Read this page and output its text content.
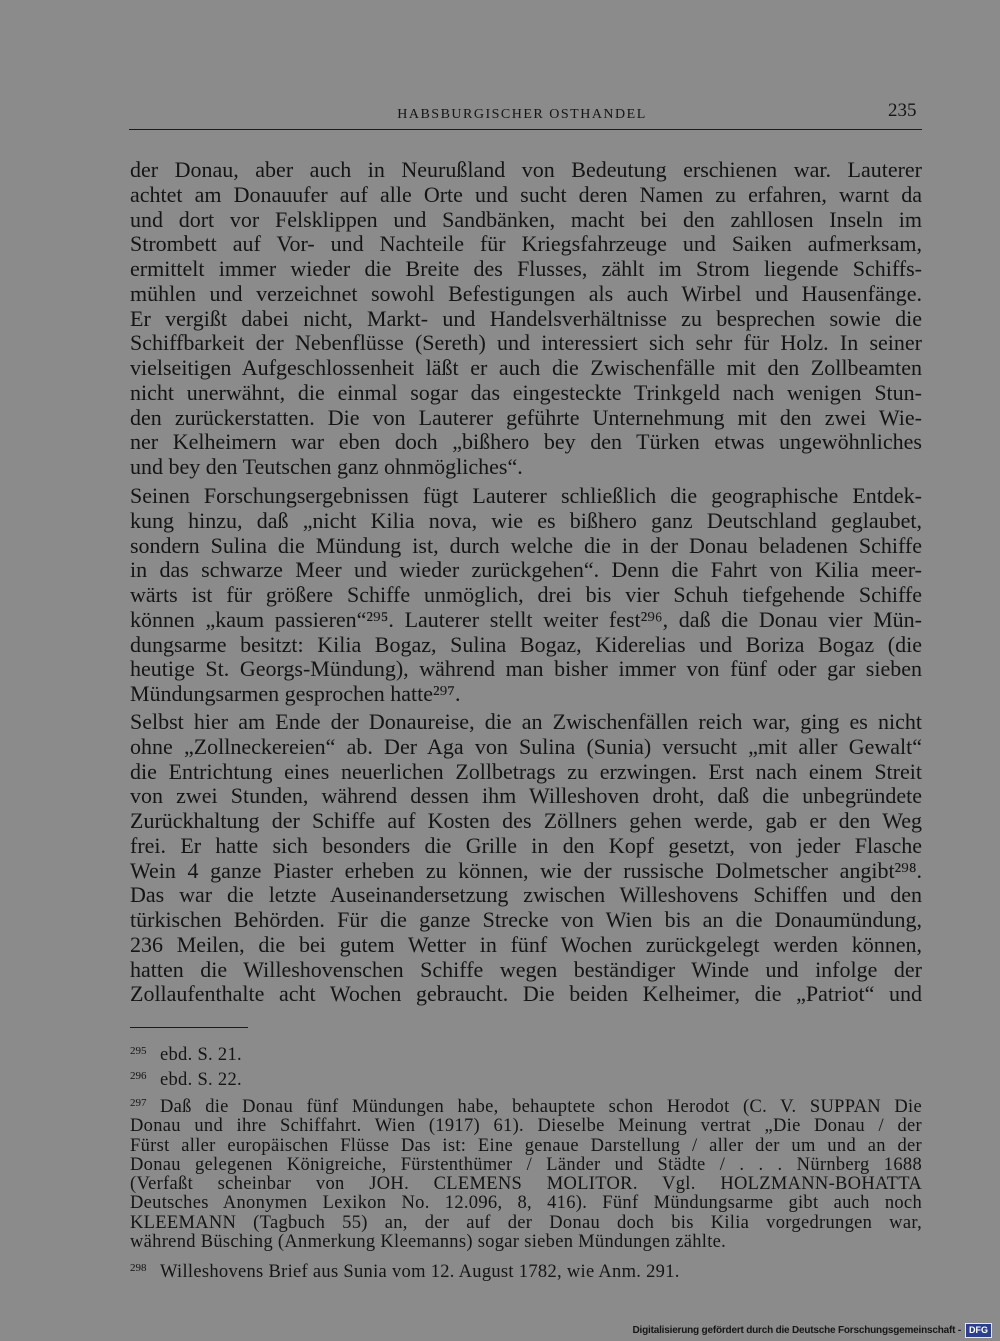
HABSBURGISCHER OSTHANDEL	235
der Donau, aber auch in Neurußland von Bedeutung erschienen war. Lauterer
achtet am Donauufer auf alle Orte und sucht deren Namen zu erfahren, warnt da
und dort vor Felsklippen und Sandbänken, macht bei den zahllosen Inseln im
Strombett auf Vor- und Nachteile für Kriegsfahrzeuge und Saiken aufmerksam,
ermittelt immer wieder die Breite des Flusses, zählt im Strom liegende Schiffs-
mühlen und verzeichnet sowohl Befestigungen als auch Wirbel und Hausenfänge.
Er vergißt dabei nicht, Markt- und Handelsverhältnisse zu besprechen sowie die
Schiffbarkeit der Nebenflüsse (Sereth) und interessiert sich sehr für Holz. In seiner
vielseitigen Aufgeschlossenheit läßt er auch die Zwischenfälle mit den Zollbeamten
nicht unerwähnt, die einmal sogar das eingesteckte Trinkgeld nach wenigen Stun-
den zurückerstatten. Die von Lauterer geführte Unternehmung mit den zwei Wie-
ner Kelheimern war eben doch „bißhero bey den Türken etwas ungewöhnliches
und bey den Teutschen ganz ohnmögliches“.
Seinen Forschungsergebnissen fügt Lauterer schließlich die geographische Entdek-
kung hinzu, daß „nicht Kilia nova, wie es bißhero ganz Deutschland geglaubet,
sondern Sulina die Mündung ist, durch welche die in der Donau beladenen Schiffe
in das schwarze Meer und wieder zurückgehen“. Denn die Fahrt von Kilia meer-
wärts ist für größere Schiffe unmöglich, drei bis vier Schuh tiefgehende Schiffe
können „kaum passieren“²⁹⁵. Lauterer stellt weiter fest²⁹⁶, daß die Donau vier Mün-
dungsarme besitzt: Kilia Bogaz, Sulina Bogaz, Kiderelias und Boriza Bogaz (die
heutige St. Georgs-Mündung), während man bisher immer von fünf oder gar sieben
Mündungsarmen gesprochen hatte²⁹⁷.
Selbst hier am Ende der Donaureise, die an Zwischenfällen reich war, ging es nicht
ohne „Zollneckereien“ ab. Der Aga von Sulina (Sunia) versucht „mit aller Gewalt“
die Entrichtung eines neuerlichen Zollbetrags zu erzwingen. Erst nach einem Streit
von zwei Stunden, während dessen ihm Willeshoven droht, daß die unbegründete
Zurückhaltung der Schiffe auf Kosten des Zöllners gehen werde, gab er den Weg
frei. Er hatte sich besonders die Grille in den Kopf gesetzt, von jeder Flasche
Wein 4 ganze Piaster erheben zu können, wie der russische Dolmetscher angibt²⁹⁸.
Das war die letzte Auseinandersetzung zwischen Willeshovens Schiffen und den
türkischen Behörden. Für die ganze Strecke von Wien bis an die Donaumündung,
236 Meilen, die bei gutem Wetter in fünf Wochen zurückgelegt werden können,
hatten die Willeshovenschen Schiffe wegen beständiger Winde und infolge der
Zollaufenthalte acht Wochen gebraucht. Die beiden Kelheimer, die „Patriot“ und
295 ebd. S. 21.
296 ebd. S. 22.
297 Daß die Donau fünf Mündungen habe, behauptete schon Herodot (C. V. SUPPAN Die
Donau und ihre Schiffahrt. Wien (1917) 61). Dieselbe Meinung vertrat „Die Donau / der
Fürst aller europäischen Flüsse Das ist: Eine genaue Darstellung / aller der um und an der
Donau gelegenen Königreiche, Fürstenthümer / Länder und Städte / . . . Nürnberg 1688
(Verfaßt scheinbar von JOH. CLEMENS MOLITOR. Vgl. HOLZMANN-BOHATTA
Deutsches Anonymen Lexikon No. 12.096, 8, 416). Fünf Mündungsarme gibt auch noch
KLEEMANN (Tagbuch 55) an, der auf der Donau doch bis Kilia vorgedrungen war,
während Büsching (Anmerkung Kleemanns) sogar sieben Mündungen zählte.
298 Willeshovens Brief aus Sunia vom 12. August 1782, wie Anm. 291.
Digitalisierung gefördert durch die Deutsche Forschungsgemeinschaft - DFG
